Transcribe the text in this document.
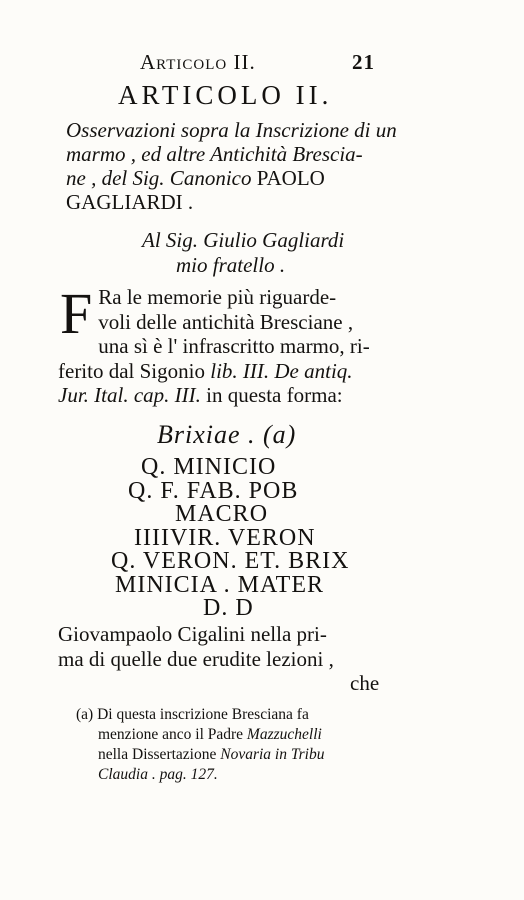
Articolo II.	21
ARTICOLO II.
Osservazioni sopra la Inscrizione di un
marmo , ed altre Antichità Brescia-
ne , del Sig. Canonico PAOLO
GAGLIARDI .
Al Sig. Giulio Gagliardi
mio fratello .
F Ra le memorie più riguarde-
voli delle antichità Bresciane ,
una sì è l' infrascritto marmo, ri-
ferito dal Sigonio lib. III. De antiq.
Jur. Ital. cap. III. in questa forma:
Brixiae . (a)
Q. MINICIO
Q. F. FAB. POB
MACRO
IIIIVIR. VERON
Q. VERON. ET. BRIX
MINICIA . MATER
D. D
Giovampaolo Cigalini nella pri-
ma di quelle due erudite lezioni ,
che
(a) Di questa inscrizione Bresciana fa
menzione anco il Padre Mazzuchelli
nella Dissertazione Novaria in Tribu
Claudia . pag. 127.
